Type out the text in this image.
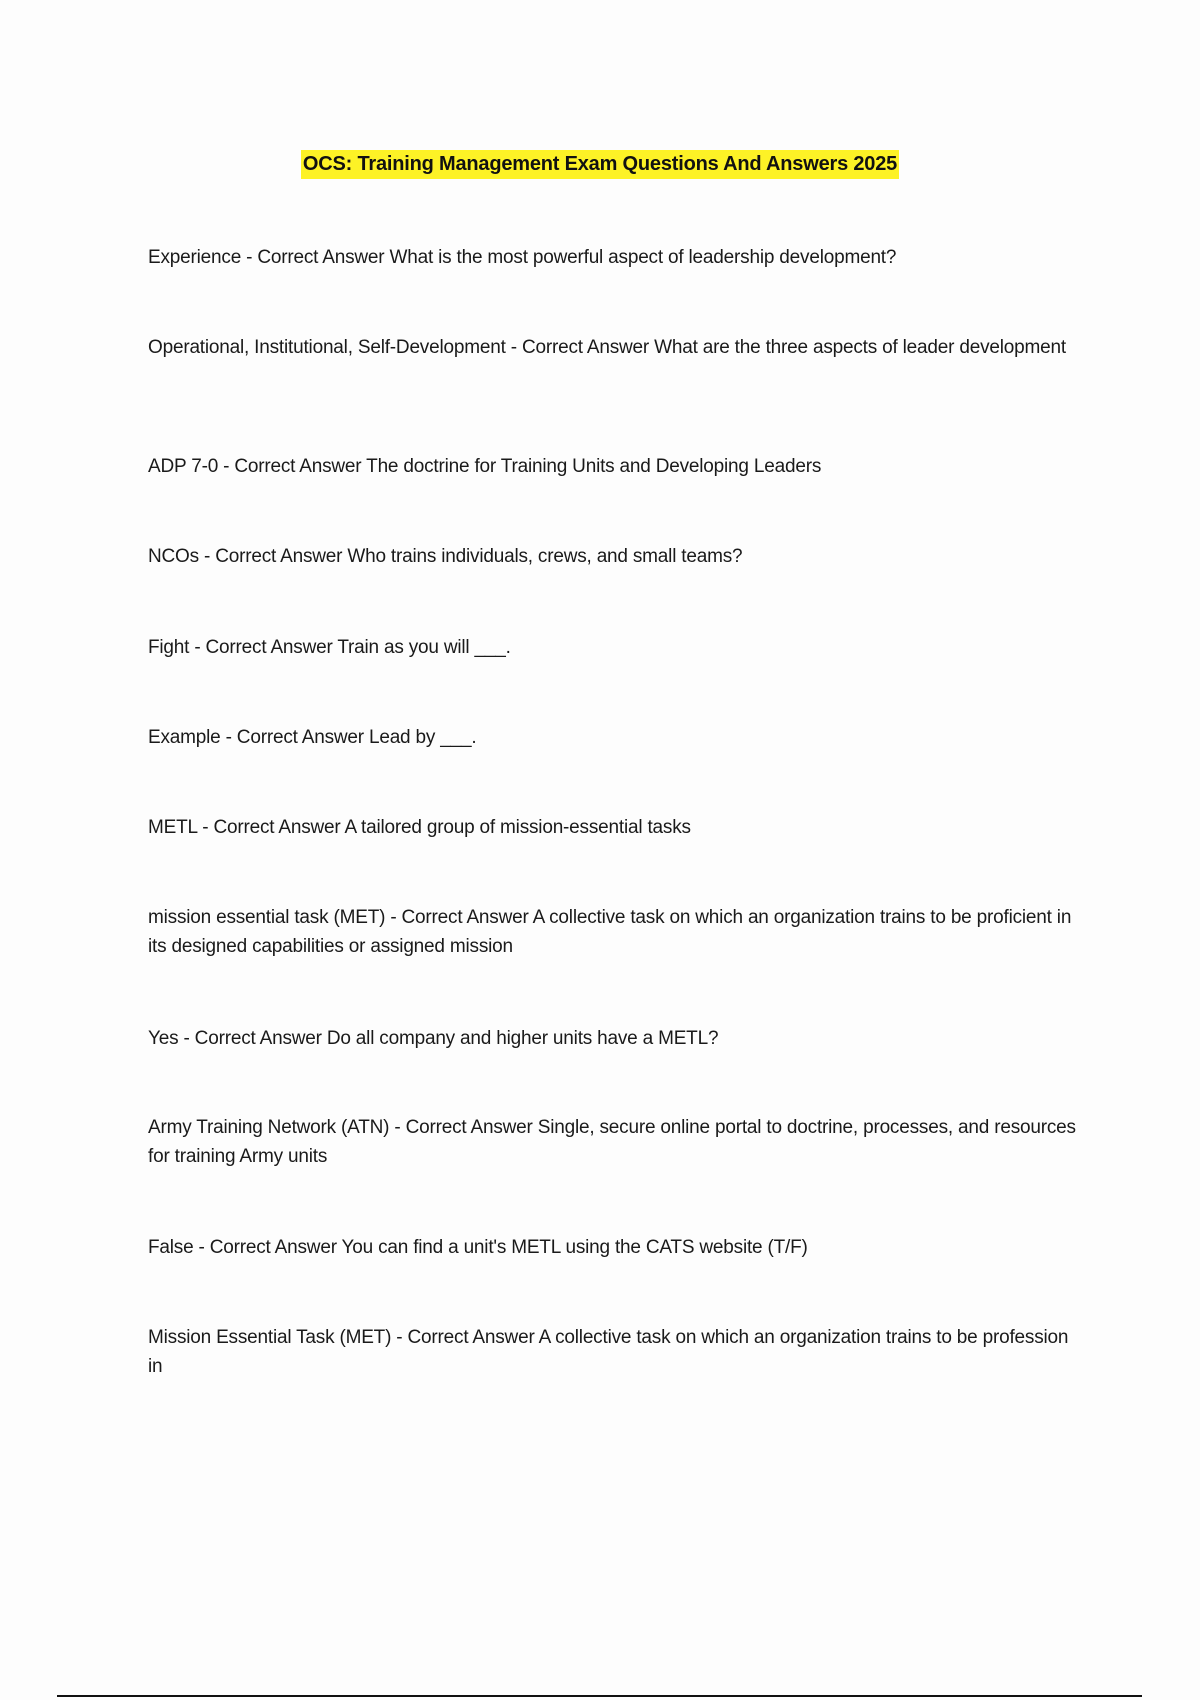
OCS: Training Management Exam Questions And Answers 2025
Experience - Correct Answer What is the most powerful aspect of leadership development?
Operational, Institutional, Self-Development - Correct Answer What are the three aspects of leader development
ADP 7-0 - Correct Answer The doctrine for Training Units and Developing Leaders
NCOs - Correct Answer Who trains individuals, crews, and small teams?
Fight - Correct Answer Train as you will ___.
Example - Correct Answer Lead by ___.
METL - Correct Answer A tailored group of mission-essential tasks
mission essential task (MET) - Correct Answer A collective task on which an organization trains to be proficient in its designed capabilities or assigned mission
Yes - Correct Answer Do all company and higher units have a METL?
Army Training Network (ATN) - Correct Answer Single, secure online portal to doctrine, processes, and resources for training Army units
False - Correct Answer You can find a unit's METL using the CATS website (T/F)
Mission Essential Task (MET) - Correct Answer A collective task on which an organization trains to be profession in
